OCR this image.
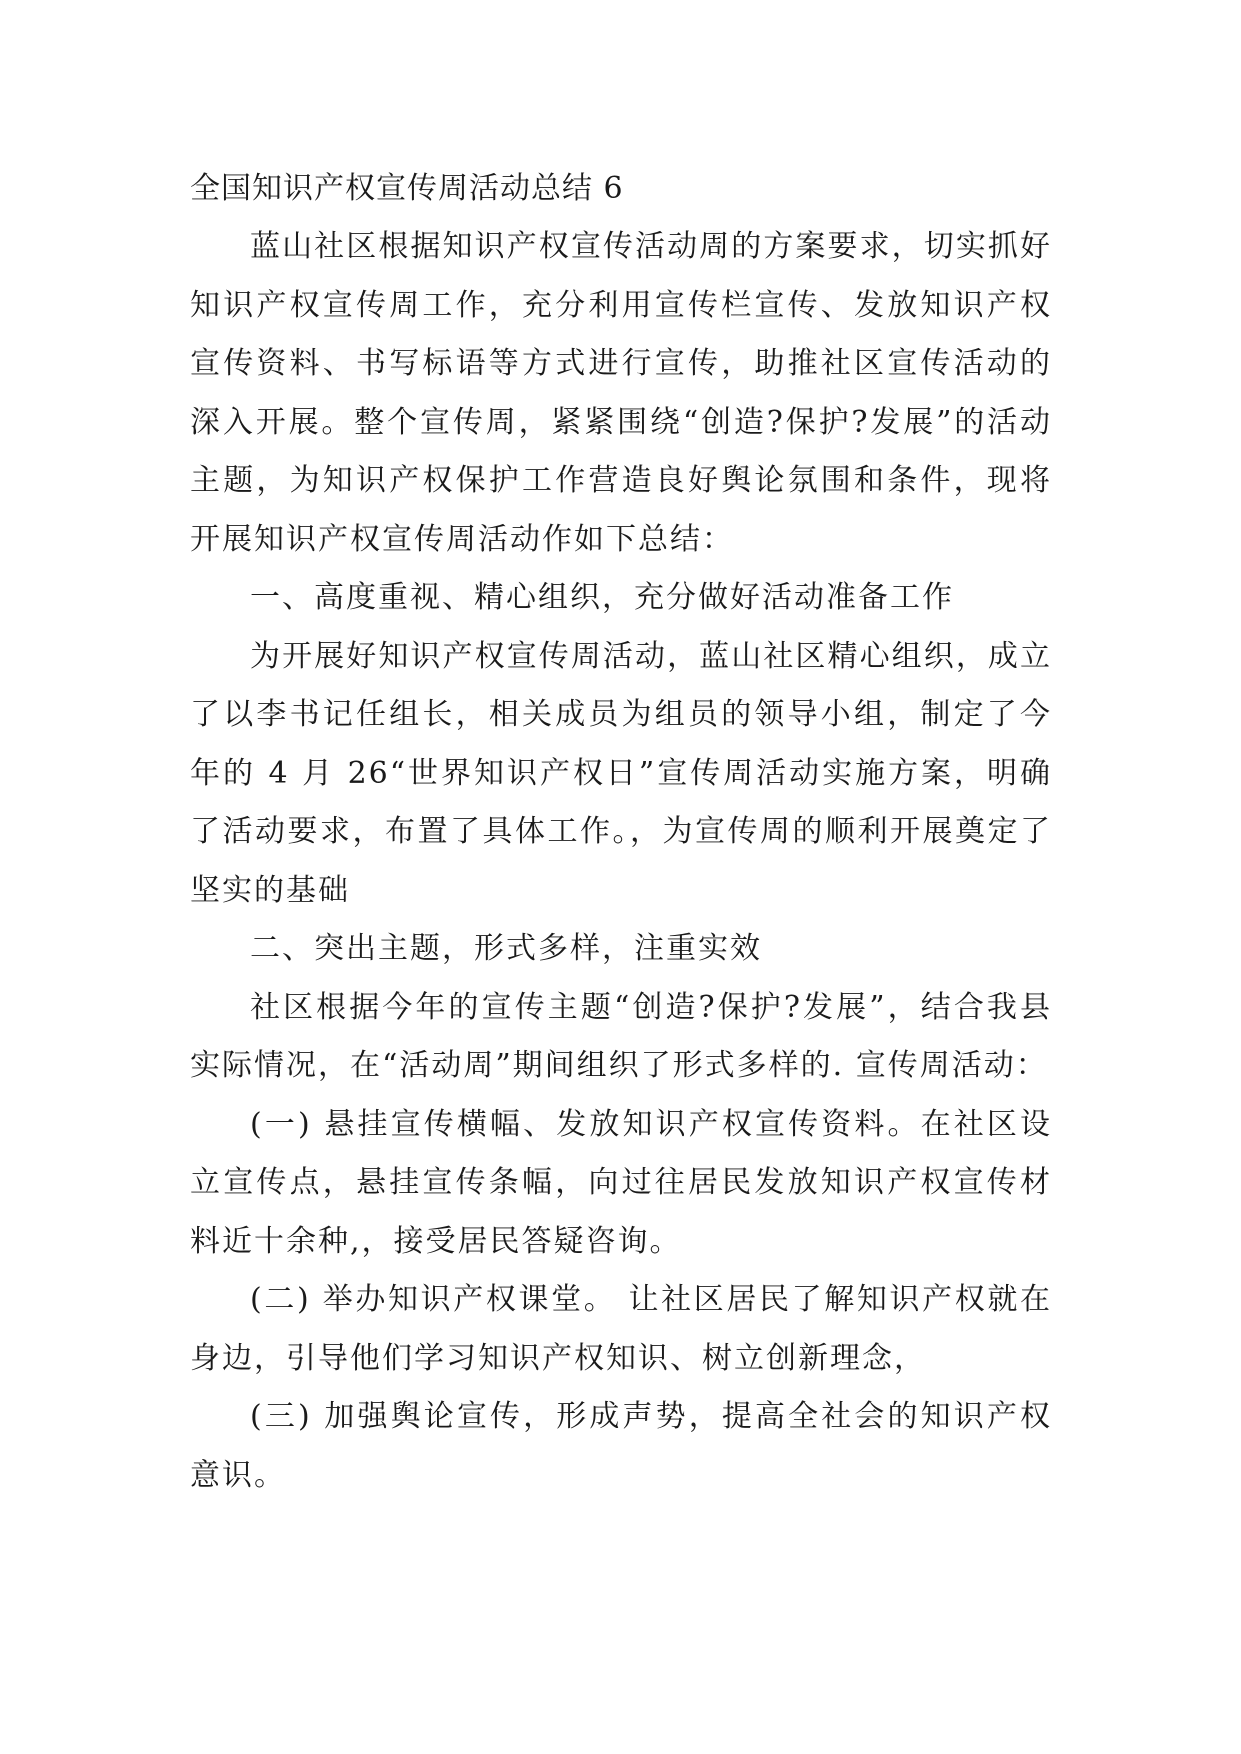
全国知识产权宣传周活动总结 6

蓝山社区根据知识产权宣传活动周的方案要求，切实抓好知识产权宣传周工作，充分利用宣传栏宣传、发放知识产权宣传资料、书写标语等方式进行宣传，助推社区宣传活动的深入开展。整个宣传周，紧紧围绕“创造?保护?发展”的活动主题，为知识产权保护工作营造良好舆论氛围和条件，现将开展知识产权宣传周活动作如下总结：

一、高度重视、精心组织，充分做好活动准备工作

为开展好知识产权宣传周活动，蓝山社区精心组织，成立了以李书记任组长，相关成员为组员的领导小组，制定了今年的 4 月 26“世界知识产权日”宣传周活动实施方案，明确了活动要求，布置了具体工作。，为宣传周的顺利开展奠定了坚实的基础

二、突出主题，形式多样，注重实效

社区根据今年的宣传主题“创造?保护?发展”，结合我县实际情况，在“活动周”期间组织了形式多样的. 宣传周活动：

(一) 悬挂宣传横幅、发放知识产权宣传资料。在社区设立宣传点，悬挂宣传条幅，向过往居民发放知识产权宣传材料近十余种,，接受居民答疑咨询。

(二) 举办知识产权课堂。 让社区居民了解知识产权就在身边，引导他们学习知识产权知识、树立创新理念，

(三) 加强舆论宣传，形成声势，提高全社会的知识产权意识。
